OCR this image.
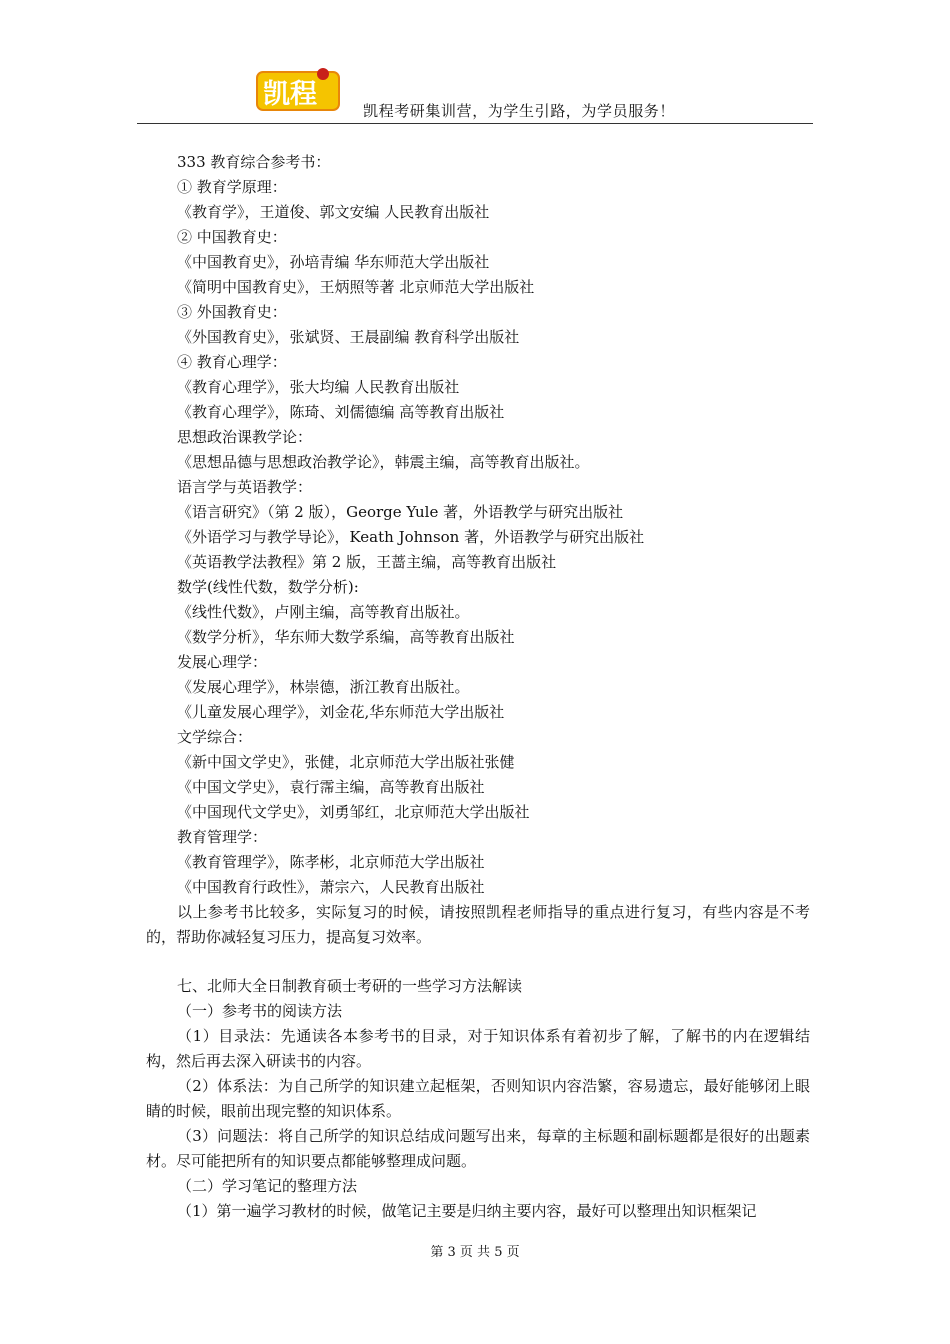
凯程
凯程考研集训营，为学生引路，为学员服务！
333 教育综合参考书：
① 教育学原理：
《教育学》，王道俊、郭文安编 人民教育出版社
② 中国教育史：
《中国教育史》，孙培青编 华东师范大学出版社
《简明中国教育史》，王炳照等著 北京师范大学出版社
③ 外国教育史：
《外国教育史》，张斌贤、王晨副编 教育科学出版社
④ 教育心理学：
《教育心理学》，张大均编 人民教育出版社
《教育心理学》，陈琦、刘儒德编 高等教育出版社
思想政治课教学论：
《思想品德与思想政治教学论》，韩震主编，高等教育出版社。
语言学与英语教学：
《语言研究》（第 2 版），George Yule 著，外语教学与研究出版社
《外语学习与教学导论》，Keath Johnson 著，外语教学与研究出版社
《英语教学法教程》第 2 版，王蔷主编，高等教育出版社
数学(线性代数，数学分析):
《线性代数》，卢刚主编，高等教育出版社。
《数学分析》，华东师大数学系编，高等教育出版社
发展心理学：
《发展心理学》，林崇德，浙江教育出版社。
《儿童发展心理学》，刘金花,华东师范大学出版社
文学综合：
《新中国文学史》，张健，北京师范大学出版社张健
《中国文学史》，袁行霈主编，高等教育出版社
《中国现代文学史》，刘勇邹红，北京师范大学出版社
教育管理学：
《教育管理学》，陈孝彬，北京师范大学出版社
《中国教育行政性》，萧宗六，人民教育出版社
以上参考书比较多，实际复习的时候，请按照凯程老师指导的重点进行复习，有些内容是不考的，帮助你减轻复习压力，提高复习效率。
七、北师大全日制教育硕士考研的一些学习方法解读
（一）参考书的阅读方法
（1）目录法：先通读各本参考书的目录，对于知识体系有着初步了解，了解书的内在逻辑结构，然后再去深入研读书的内容。
（2）体系法：为自己所学的知识建立起框架，否则知识内容浩繁，容易遗忘，最好能够闭上眼睛的时候，眼前出现完整的知识体系。
（3）问题法：将自己所学的知识总结成问题写出来，每章的主标题和副标题都是很好的出题素材。尽可能把所有的知识要点都能够整理成问题。
（二）学习笔记的整理方法
（1）第一遍学习教材的时候，做笔记主要是归纳主要内容，最好可以整理出知识框架记
第 3 页 共 5 页
